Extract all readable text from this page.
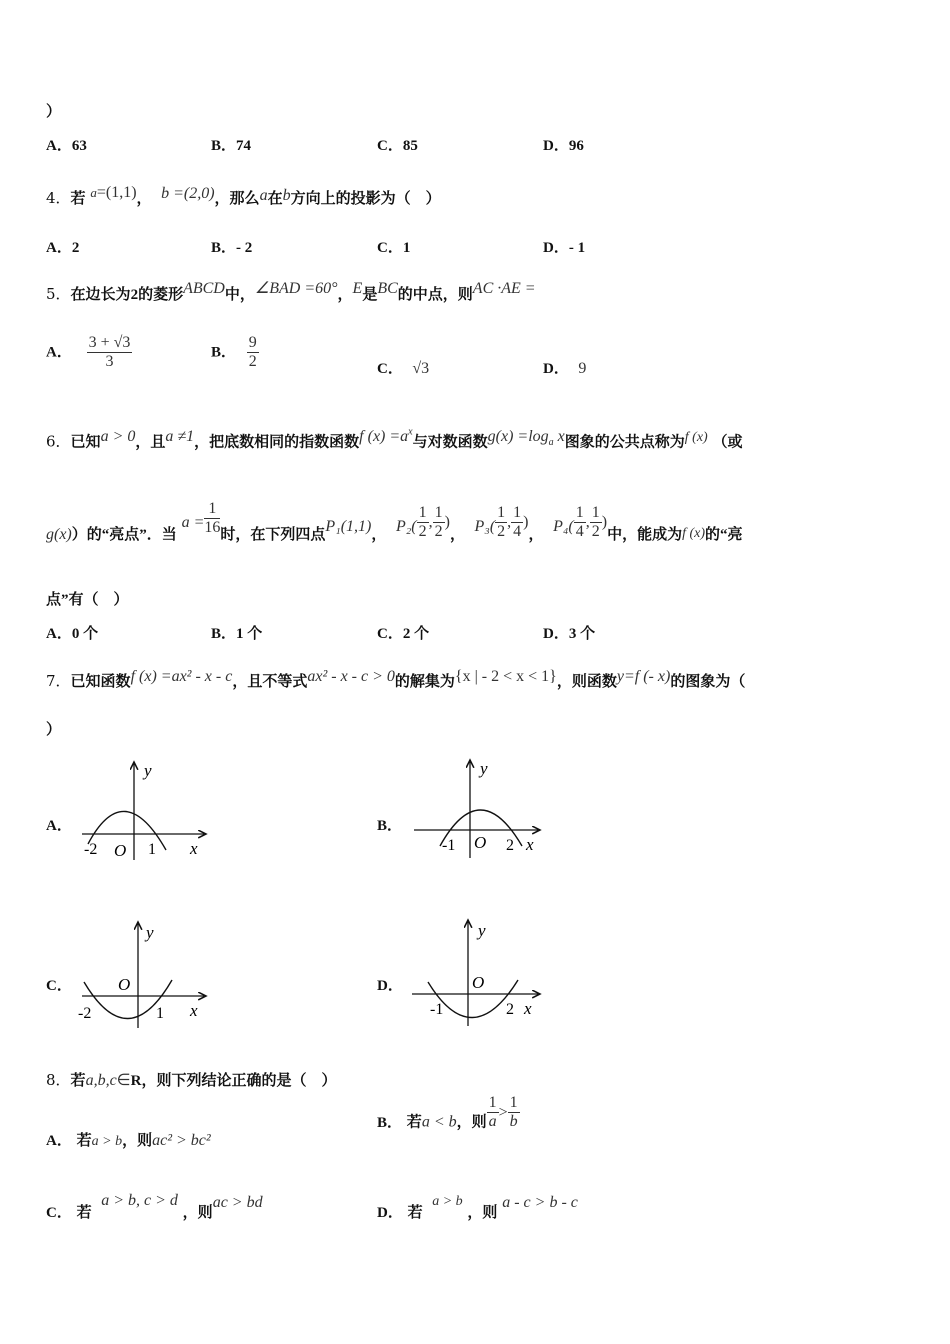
）
A．63	B．74	C．85	D．96
4．若 a=(1,1)， b =(2,0)，那么a在b方向上的投影为（　）
A．2	B．- 2	C．1	D．- 1
5．在边长为2的菱形ABCD中，∠BAD =60°，E是BC的中点，则AC ·AE =
A． $\frac{3 + √3}{3}$	B． $\frac{9}{2}$	C． √3	D． 9
6．已知a > 0，且a ≠1，把底数相同的指数函数f $(x) =a^x$与对数函数$g(x) =\log_a$ x图象的公共点称为f (x) （或
g(x)）的“亮点”．当 $a = \frac{1}{16}$ 时，在下列四点P₁(1,1)， $P_2( \frac{1}{2}$ , $\frac{1}{2}$ )， $P_3( \frac{1}{2}$ , $\frac{1}{4}$ )， $P_4( \frac{1}{4}$ , $\frac{1}{2}$ )中，能成为f (x)的“亮
点”有（　）
A．0 个	B．1 个	C．2 个	D．3 个
7．已知函数f (x) =ax² - x - c，且不等式ax² - x - c > 0的解集为{x | - 2 < x < 1}，则函数y=f (- x)的图象为（
）
A．	B．
C．	D．
y
x
O
-2	1
y
x
O
-1	2
y
x
O
-2	1
y
x
O
-1	2
8．若a,b,c∈R，则下列结论正确的是（　）
A． 若a > b，则ac² > bc²
B． 若a < b，则 $\frac{1}{a} > \frac{1}{b}$
C． 若  a > b, c > d ，则ac > bd
D． 若  a > b ，则 a - c > b - c
